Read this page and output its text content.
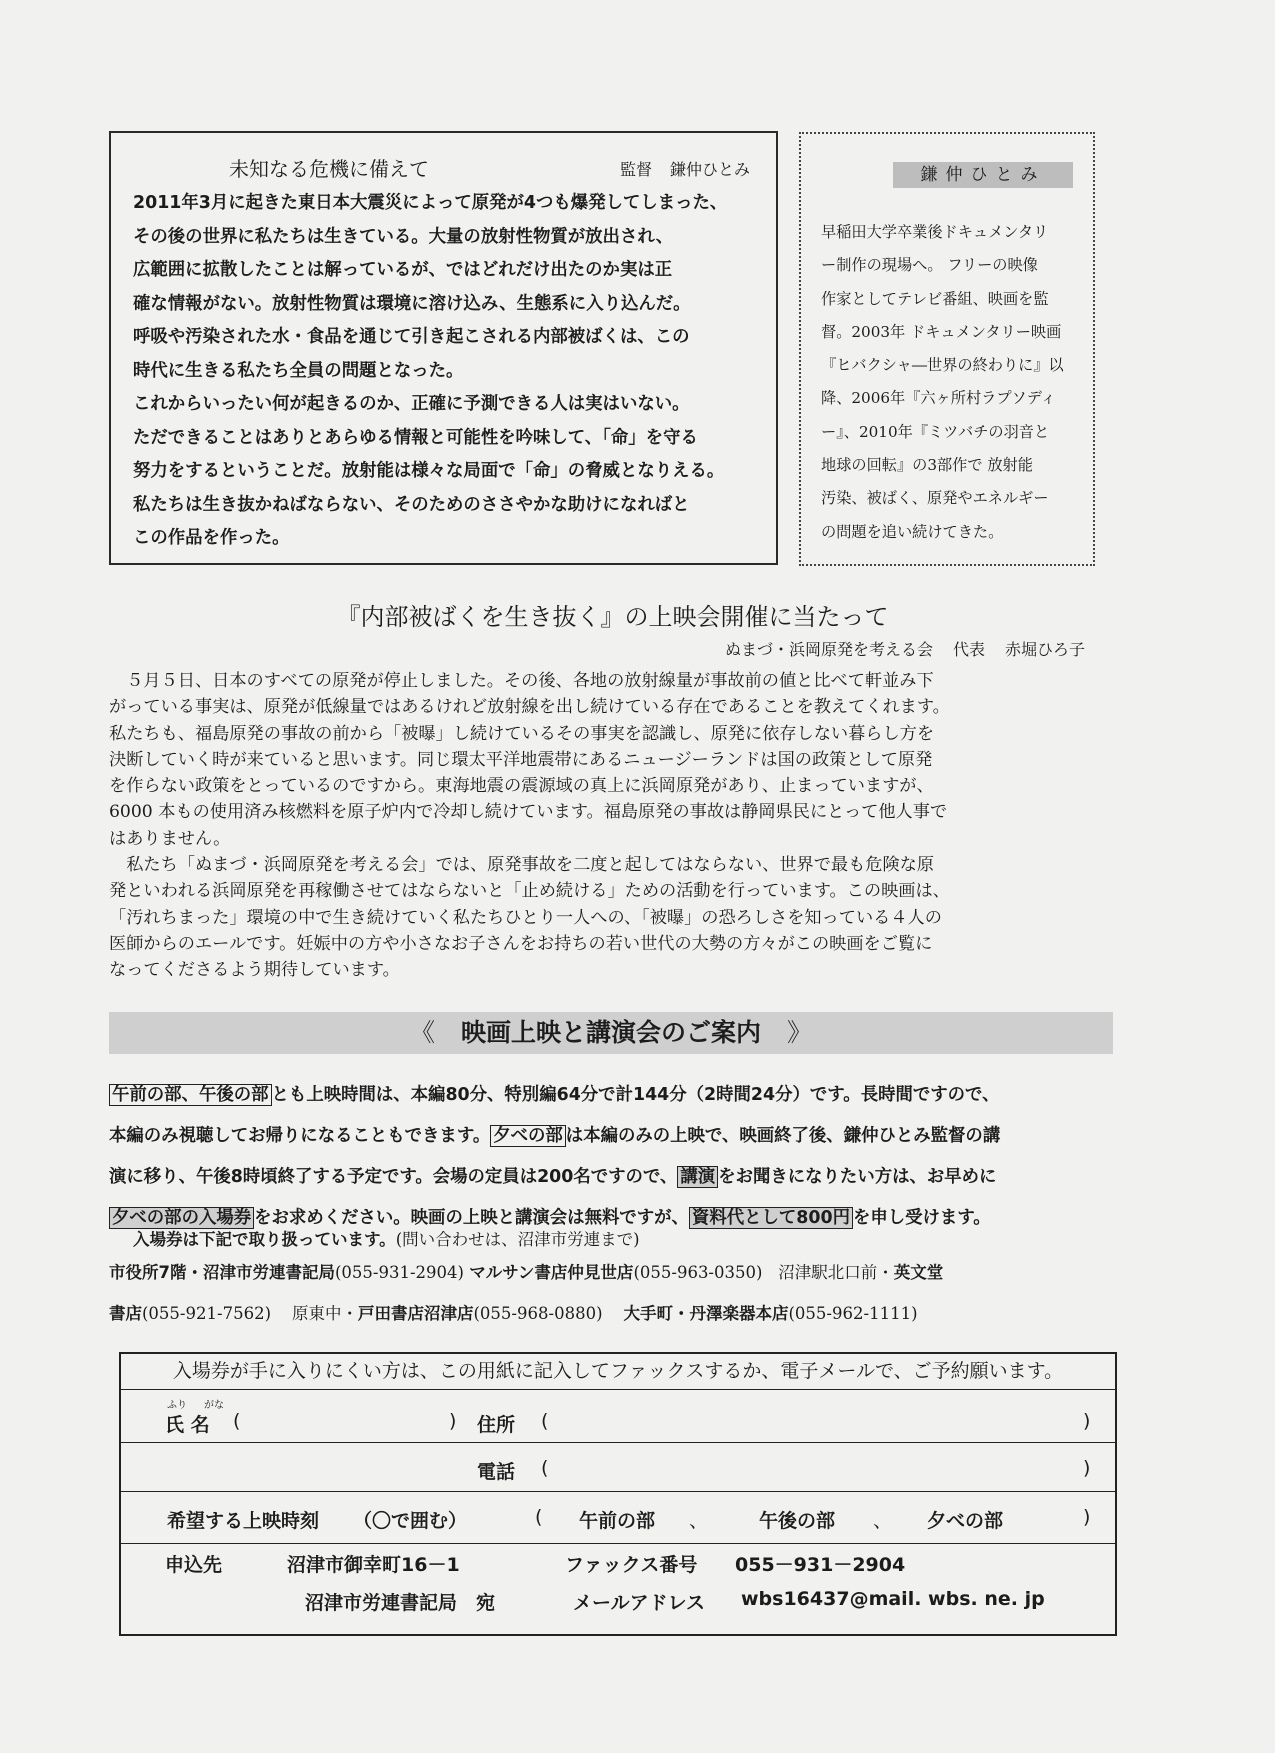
未知なる危機に備えて	監督 鎌仲ひとみ
2011年3月に起きた東日本大震災によって原発が4つも爆発してしまった、
その後の世界に私たちは生きている。大量の放射性物質が放出され、
広範囲に拡散したことは解っているが、ではどれだけ出たのか実は正
確な情報がない。放射性物質は環境に溶け込み、生態系に入り込んだ。
呼吸や汚染された水・食品を通じて引き起こされる内部被ばくは、この
時代に生きる私たち全員の問題となった。
これからいったい何が起きるのか、正確に予測できる人は実はいない。
ただできることはありとあらゆる情報と可能性を吟味して、「命」を守る
努力をするということだ。放射能は様々な局面で「命」の脅威となりえる。
私たちは生き抜かねばならない、そのためのささやかな助けになればと
この作品を作った。
鎌仲ひとみ
早稲田大学卒業後ドキュメンタリ
ー制作の現場へ。 フリーの映像
作家としてテレビ番組、映画を監
督。2003年 ドキュメンタリー映画
『ヒバクシャ―世界の終わりに』以
降、2006年『六ヶ所村ラプソディ
ー』、2010年『ミツバチの羽音と
地球の回転』の3部作で 放射能
汚染、被ばく、原発やエネルギー
の問題を追い続けてきた。
『内部被ばくを生き抜く』の上映会開催に当たって
ぬまづ・浜岡原発を考える会 代表 赤堀ひろ子
　５月５日、日本のすべての原発が停止しました。その後、各地の放射線量が事故前の値と比べて軒並み下
がっている事実は、原発が低線量ではあるけれど放射線を出し続けている存在であることを教えてくれます。
私たちも、福島原発の事故の前から「被曝」し続けているその事実を認識し、原発に依存しない暮らし方を
決断していく時が来ていると思います。同じ環太平洋地震帯にあるニュージーランドは国の政策として原発
を作らない政策をとっているのですから。東海地震の震源域の真上に浜岡原発があり、止まっていますが、
6000 本もの使用済み核燃料を原子炉内で冷却し続けています。福島原発の事故は静岡県民にとって他人事で
はありません。
　私たち「ぬまづ・浜岡原発を考える会」では、原発事故を二度と起してはならない、世界で最も危険な原
発といわれる浜岡原発を再稼働させてはならないと「止め続ける」ための活動を行っています。この映画は、
「汚れちまった」環境の中で生き続けていく私たちひとり一人への、「被曝」の恐ろしさを知っている４人の
医師からのエールです。妊娠中の方や小さなお子さんをお持ちの若い世代の大勢の方々がこの映画をご覧に
なってくださるよう期待しています。
《 映画上映と講演会のご案内 》
午前の部、午後の部 とも上映時間は、本編80分、特別編64分で計144分（2時間24分）です。長時間ですので、
本編のみ視聴してお帰りになることもできます。 夕べの部 は本編のみの上映で、映画終了後、鎌仲ひとみ監督の講
演に移り、午後8時頃終了する予定です。会場の定員は200名ですので、 講演 をお聞きになりたい方は、お早めに
夕べの部の入場券 をお求めください。映画の上映と講演会は無料ですが、 資料代として800円 を申し受けます。
入場券は下記で取り扱っています。(問い合わせは、沼津市労連まで)
市役所7階・沼津市労連書記局(055-931-2904) マルサン書店仲見世店(055-963-0350) 沼津駅北口前・英文堂
書店(055-921-7562) 原東中・戸田書店沼津店(055-968-0880) 大手町・丹澤楽器本店(055-962-1111)
入場券が手に入りにくい方は、この用紙に記入してファックスするか、電子メールで、ご予約願います。
ふり がな
氏 名 (	) 住所 (	)
電話 (	)
希望する上映時刻 （〇で囲む）	( 午前の部 、	午後の部 、 夕べの部	)
申込先	沼津市御幸町16－1	ファックス番号 055－931－2904
沼津市労連書記局　宛	メールアドレス wbs16437@mail. wbs. ne. jp
